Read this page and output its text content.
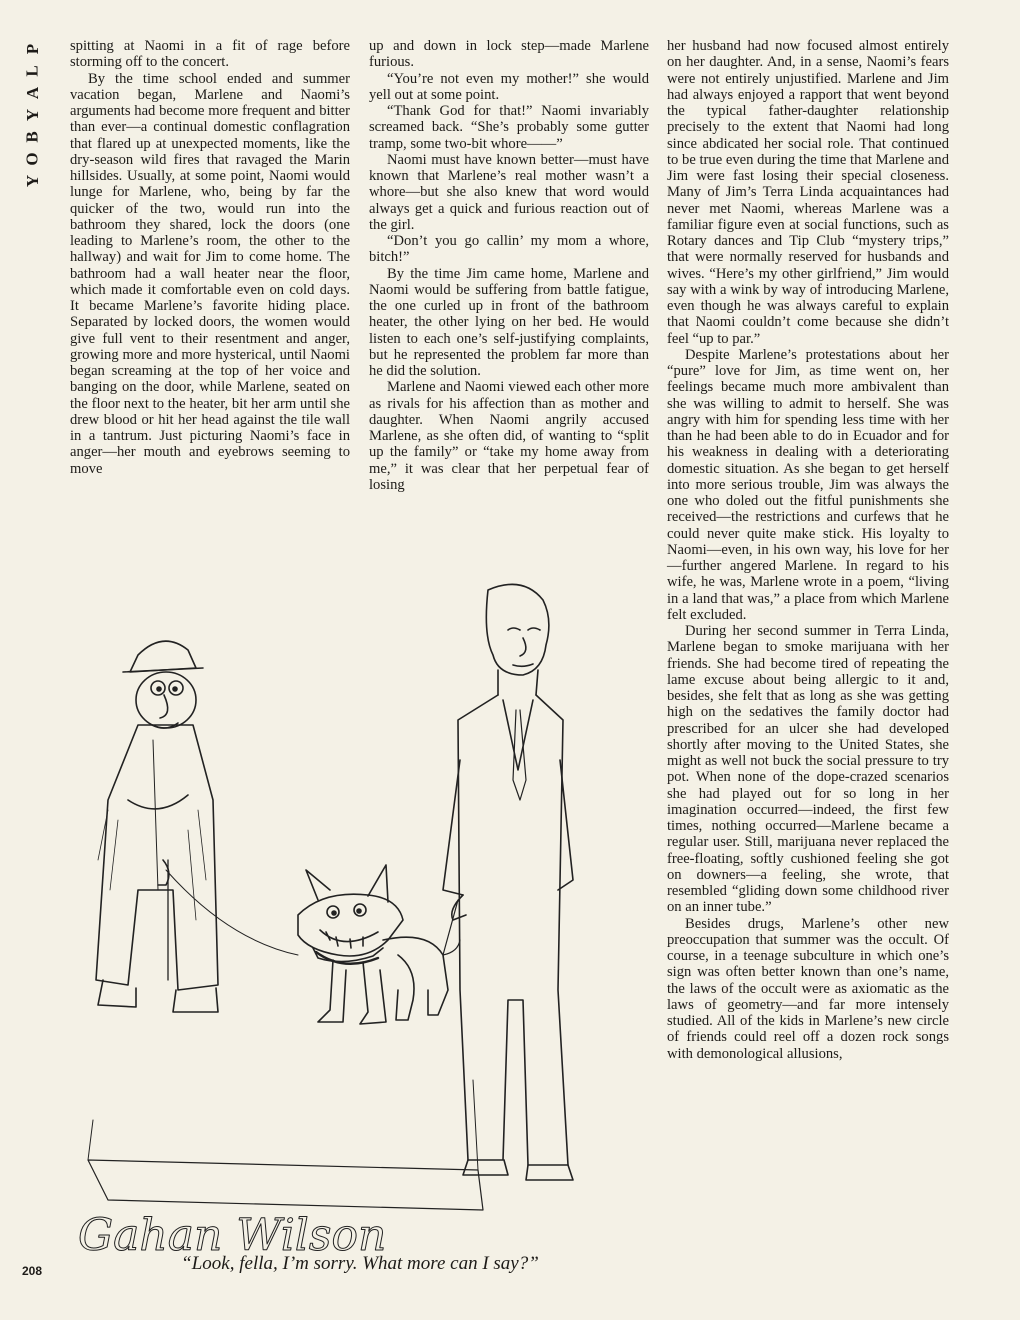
P
L
A
Y
B
O
Y

spitting at Naomi in a fit of rage before storming off to the concert.

By the time school ended and summer vacation began, Marlene and Naomi’s arguments had become more frequent and bitter than ever—a continual domestic conflagration that flared up at unexpected moments, like the dry-season wild fires that ravaged the Marin hillsides. Usually, at some point, Naomi would lunge for Marlene, who, being by far the quicker of the two, would run into the bathroom they shared, lock the doors (one leading to Marlene’s room, the other to the hallway) and wait for Jim to come home. The bathroom had a wall heater near the floor, which made it comfortable even on cold days. It became Marlene’s favorite hiding place. Separated by locked doors, the women would give full vent to their resentment and anger, growing more and more hysterical, until Naomi began screaming at the top of her voice and banging on the door, while Marlene, seated on the floor next to the heater, bit her arm until she drew blood or hit her head against the tile wall in a tantrum. Just picturing Naomi’s face in anger—her mouth and eyebrows seeming to move

up and down in lock step—made Marlene furious.

“You’re not even my mother!” she would yell out at some point.

“Thank God for that!” Naomi invariably screamed back. “She’s probably some gutter tramp, some two-bit whore——”

Naomi must have known better—must have known that Marlene’s real mother wasn’t a whore—but she also knew that word would always get a quick and furious reaction out of the girl.

“Don’t you go callin’ my mom a whore, bitch!”

By the time Jim came home, Marlene and Naomi would be suffering from battle fatigue, the one curled up in front of the bathroom heater, the other lying on her bed. He would listen to each one’s self-justifying complaints, but he represented the problem far more than he did the solution.

Marlene and Naomi viewed each other more as rivals for his affection than as mother and daughter. When Naomi angrily accused Marlene, as she often did, of wanting to “split up the family” or “take my home away from me,” it was clear that her perpetual fear of losing

her husband had now focused almost entirely on her daughter. And, in a sense, Naomi’s fears were not entirely unjustified. Marlene and Jim had always enjoyed a rapport that went beyond the typical father-daughter relationship precisely to the extent that Naomi had long since abdicated her social role. That continued to be true even during the time that Marlene and Jim were fast losing their special closeness. Many of Jim’s Terra Linda acquaintances had never met Naomi, whereas Marlene was a familiar figure even at social functions, such as Rotary dances and Tip Club “mystery trips,” that were normally reserved for husbands and wives. “Here’s my other girlfriend,” Jim would say with a wink by way of introducing Marlene, even though he was always careful to explain that Naomi couldn’t come because she didn’t feel “up to par.”

Despite Marlene’s protestations about her “pure” love for Jim, as time went on, her feelings became much more ambivalent than she was willing to admit to herself. She was angry with him for spending less time with her than he had been able to do in Ecuador and for his weakness in dealing with a deteriorating domestic situation. As she began to get herself into more serious trouble, Jim was always the one who doled out the fitful punishments she received—the restrictions and curfews that he could never quite make stick. His loyalty to Naomi—even, in his own way, his love for her—further angered Marlene. In regard to his wife, he was, Marlene wrote in a poem, “living in a land that was,” a place from which Marlene felt excluded.

During her second summer in Terra Linda, Marlene began to smoke marijuana with her friends. She had become tired of repeating the lame excuse about being allergic to it and, besides, she felt that as long as she was getting high on the sedatives the family doctor had prescribed for an ulcer she had developed shortly after moving to the United States, she might as well not buck the social pressure to try pot. When none of the dope-crazed scenarios she had played out for so long in her imagination occurred—indeed, the first few times, nothing occurred—Marlene became a regular user. Still, marijuana never replaced the free-floating, softly cushioned feeling she got on downers—a feeling, she wrote, that resembled “gliding down some childhood river on an inner tube.”

Besides drugs, Marlene’s other new preoccupation that summer was the occult. Of course, in a teenage subculture in which one’s sign was often better known than one’s name, the laws of the occult were as axiomatic as the laws of geometry—and far more intensely studied. All of the kids in Marlene’s new circle of friends could reel off a dozen rock songs with demonological allusions,

Gahan Wilson
“Look, fella, I’m sorry. What more can I say?”
208
